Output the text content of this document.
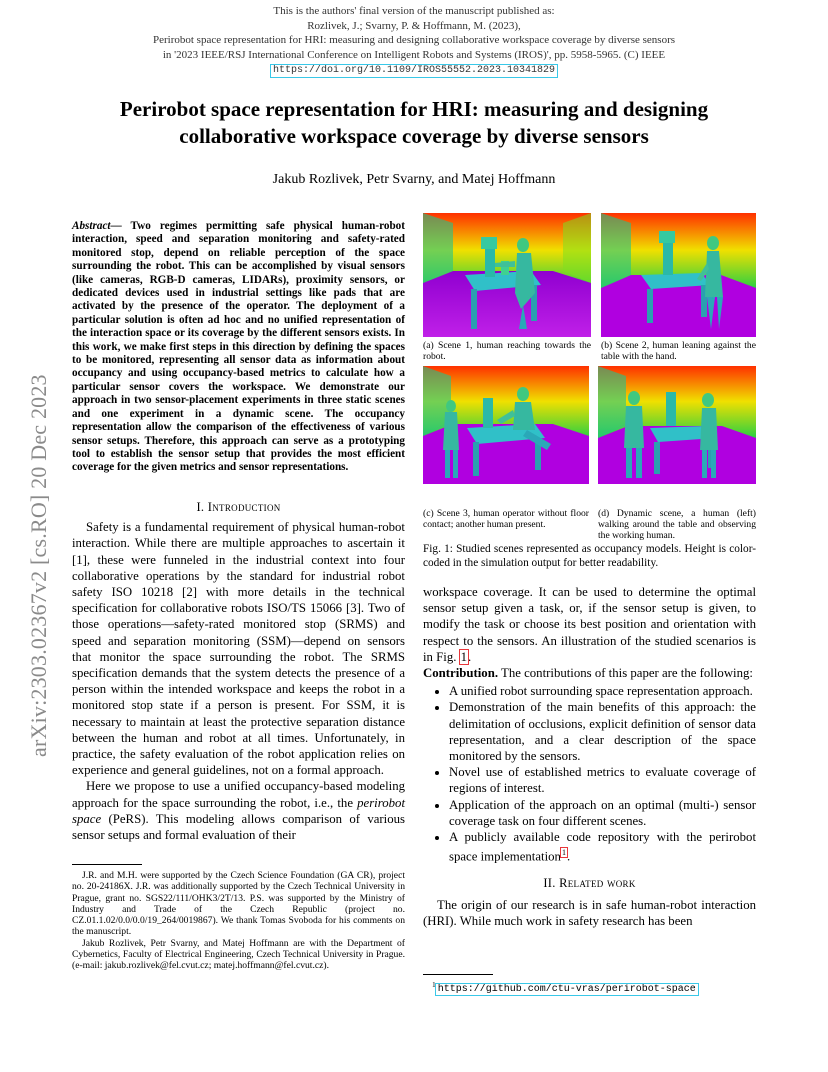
This is the authors' final version of the manuscript published as:
Rozlivek, J.; Svarny, P. & Hoffmann, M. (2023),
Perirobot space representation for HRI: measuring and designing collaborative workspace coverage by diverse sensors
in '2023 IEEE/RSJ International Conference on Intelligent Robots and Systems (IROS)', pp. 5958-5965. (C) IEEE
https://doi.org/10.1109/IROS55552.2023.10341829
arXiv:2303.02367v2 [cs.RO] 20 Dec 2023
Perirobot space representation for HRI: measuring and designing
collaborative workspace coverage by diverse sensors
Jakub Rozlivek, Petr Svarny, and Matej Hoffmann
Abstract— Two regimes permitting safe physical human-robot interaction, speed and separation monitoring and safety-rated monitored stop, depend on reliable perception of the space surrounding the robot. This can be accomplished by visual sensors (like cameras, RGB-D cameras, LIDARs), proximity sensors, or dedicated devices used in industrial settings like pads that are activated by the presence of the operator. The deployment of a particular solution is often ad hoc and no unified representation of the interaction space or its coverage by the different sensors exists. In this work, we make first steps in this direction by defining the spaces to be monitored, representing all sensor data as information about occupancy and using occupancy-based metrics to calculate how a particular sensor covers the workspace. We demonstrate our approach in two sensor-placement experiments in three static scenes and one experiment in a dynamic scene. The occupancy representation allow the comparison of the effectiveness of various sensor setups. Therefore, this approach can serve as a prototyping tool to establish the sensor setup that provides the most efficient coverage for the given metrics and sensor representations.
I. Introduction

Safety is a fundamental requirement of physical human-robot interaction. While there are multiple approaches to ascertain it [1], these were funneled in the industrial context into four collaborative operations by the standard for industrial robot safety ISO 10218 [2] with more details in the technical specification for collaborative robots ISO/TS 15066 [3]. Two of those operations—safety-rated monitored stop (SRMS) and speed and separation monitoring (SSM)—depend on sensors that monitor the space surrounding the robot. The SRMS specification demands that the system detects the presence of a person within the intended workspace and keeps the robot in a monitored stop state if a person is present. For SSM, it is necessary to maintain at least the protective separation distance between the human and robot at all times. Unfortunately, in practice, the safety evaluation of the robot application relies on experience and general guidelines, not on a formal approach.

Here we propose to use a unified occupancy-based modeling approach for the space surrounding the robot, i.e., the perirobot space (PeRS). This modeling allows comparison of various sensor setups and formal evaluation of their

J.R. and M.H. were supported by the Czech Science Foundation (GA CR), project no. 20-24186X. J.R. was additionally supported by the Czech Technical University in Prague, grant no. SGS22/111/OHK3/2T/13. P.S. was supported by the Ministry of Industry and Trade of the Czech Republic (project no. CZ.01.1.02/0.0/0.0/19_264/0019867). We thank Tomas Svoboda for his comments on the manuscript.

Jakub Rozlivek, Petr Svarny, and Matej Hoffmann are with the Department of Cybernetics, Faculty of Electrical Engineering, Czech Technical University in Prague. (e-mail: jakub.rozlivek@fel.cvut.cz; matej.hoffmann@fel.cvut.cz).

(a) Scene 1, human reaching towards the robot.
(b) Scene 2, human leaning against the table with the hand.
(c) Scene 3, human operator without floor contact; another human present.
(d) Dynamic scene, a human (left) walking around the table and observing the working human.
Fig. 1: Studied scenes represented as occupancy models. Height is color-coded in the simulation output for better readability.

workspace coverage. It can be used to determine the optimal sensor setup given a task, or, if the sensor setup is given, to modify the task or choose its best position and orientation with respect to the sensors. An illustration of the studied scenarios is in Fig. 1.

Contribution. The contributions of this paper are the following:

• A unified robot surrounding space representation approach.
• Demonstration of the main benefits of this approach: the delimitation of occlusions, explicit definition of sensor data representation, and a clear description of the space monitored by the sensors.
• Novel use of established metrics to evaluate coverage of regions of interest.
• Application of the approach on an optimal (multi-) sensor coverage task on four different scenes.
• A publicly available code repository with the perirobot space implementation$^1$.
II. Related work

The origin of our research is in safe human-robot interaction (HRI). While much work in safety research has been

$^1$ https://github.com/ctu-vras/perirobot-space
